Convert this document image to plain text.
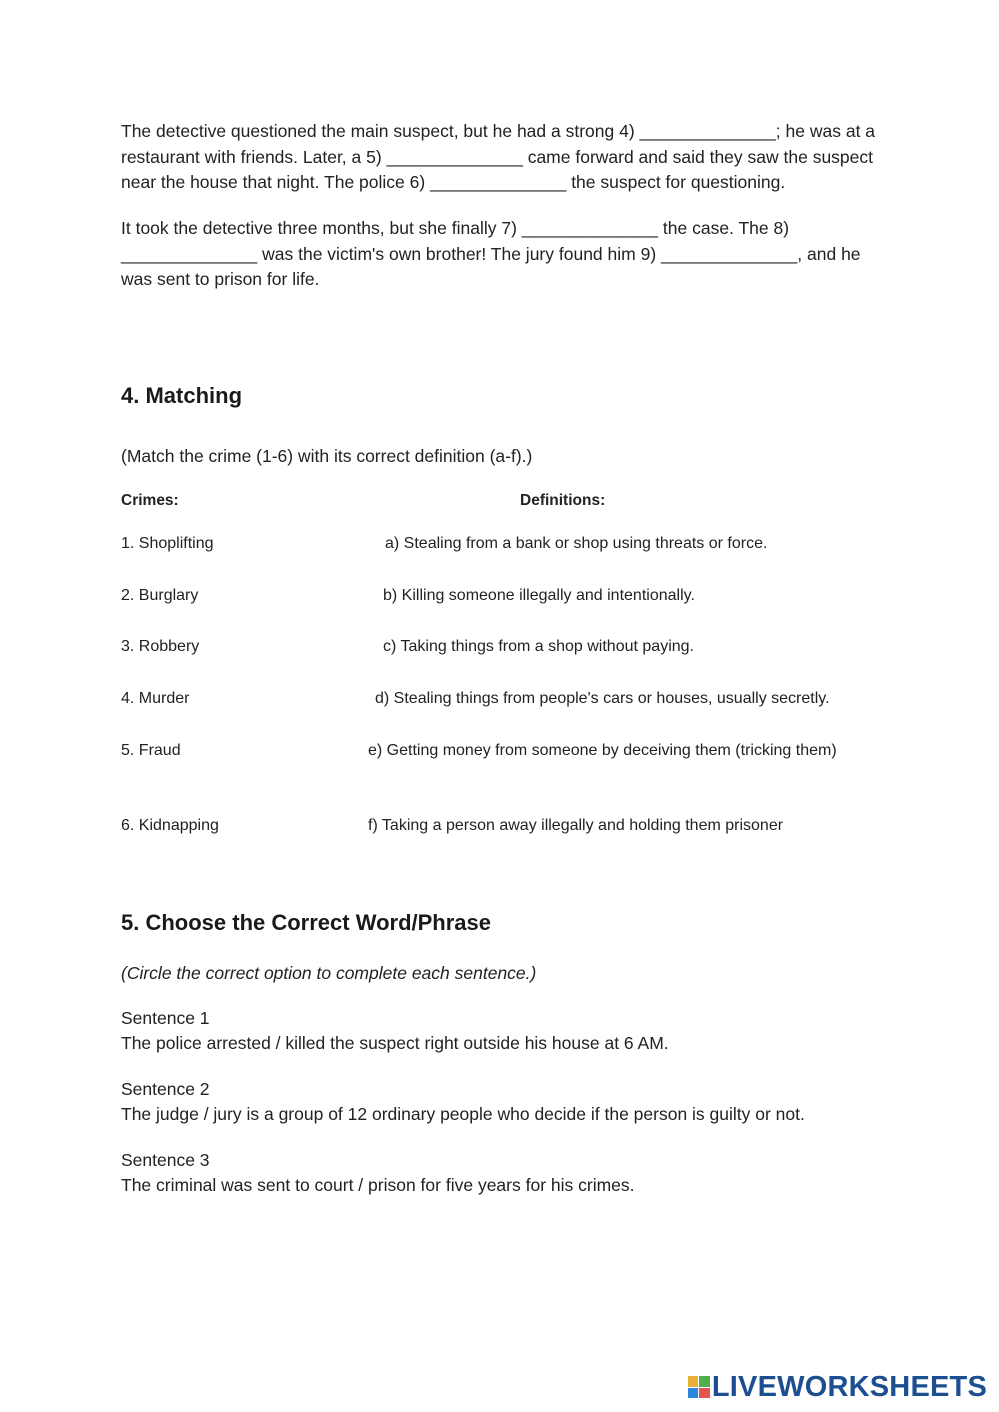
The detective questioned the main suspect, but he had a strong 4) ______________; he was at a restaurant with friends. Later, a 5) ______________ came forward and said they saw the suspect near the house that night. The police 6) ______________ the suspect for questioning.

It took the detective three months, but she finally 7) ______________ the case. The 8) ______________ was the victim's own brother! The jury found him 9) ______________, and he was sent to prison for life.

4. Matching
(Match the crime (1-6) with its correct definition (a-f).)
Crimes:	Definitions:
1. Shoplifting
2. Burglary
3. Robbery
4. Murder
5. Fraud
6. Kidnapping
a) Stealing from a bank or shop using threats or force.
b) Killing someone illegally and intentionally.
c) Taking things from a shop without paying.
d) Stealing things from people's cars or houses, usually secretly.
e) Getting money from someone by deceiving them (tricking them)
f) Taking a person away illegally and holding them prisoner
5. Choose the Correct Word/Phrase
(Circle the correct option to complete each sentence.)
Sentence 1
The police arrested / killed the suspect right outside his house at 6 AM.
Sentence 2
The judge / jury is a group of 12 ordinary people who decide if the person is guilty or not.
Sentence 3
The criminal was sent to court / prison for five years for his crimes.
LIVEWORKSHEETS
